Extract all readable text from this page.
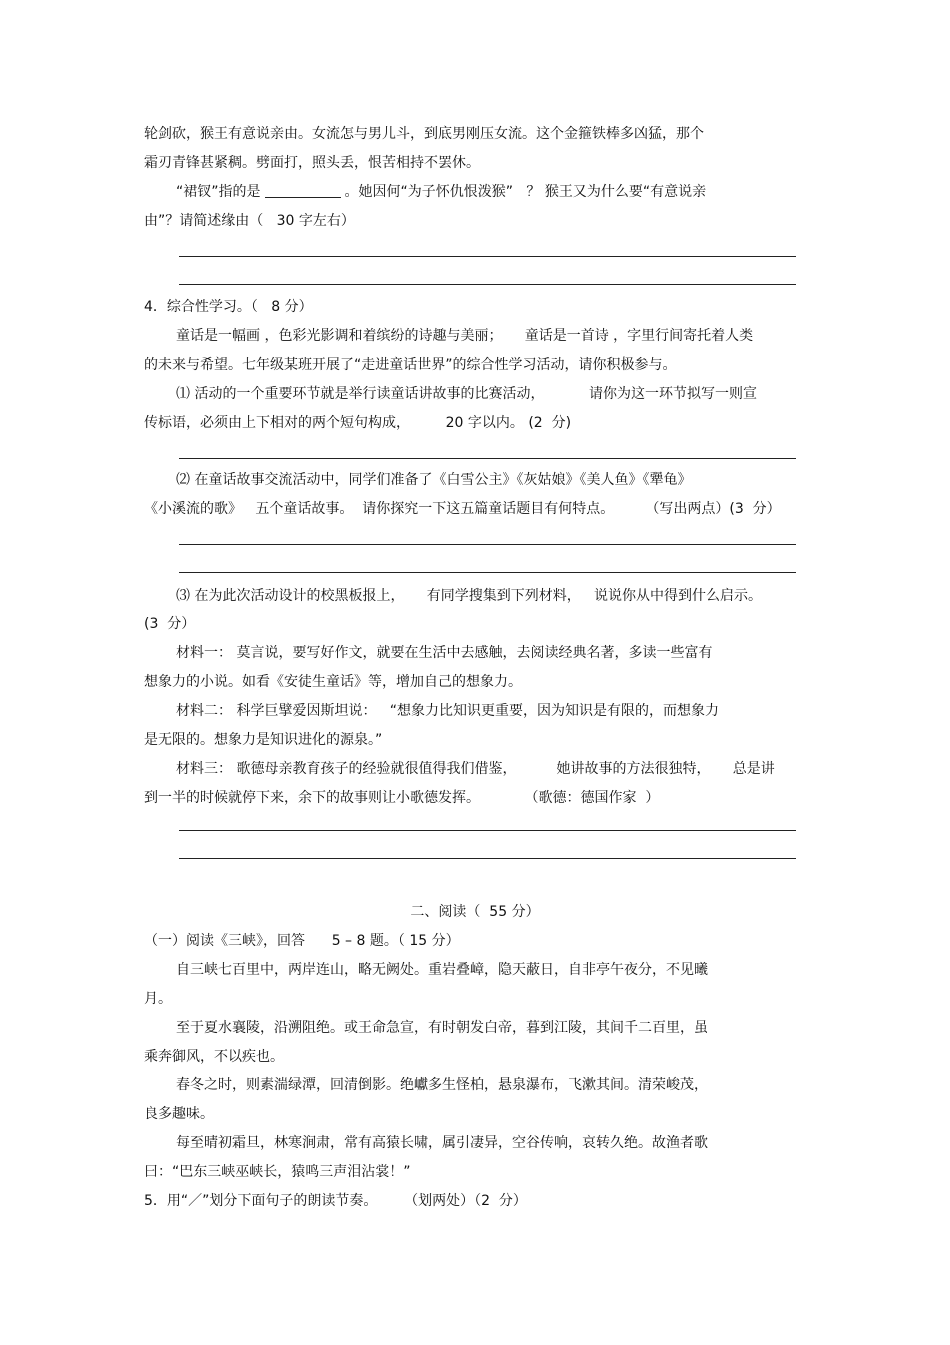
轮剑砍，猴王有意说亲由。女流怎与男儿斗，到底男刚压女流。这个金箍铁棒多凶猛，那个
霜刃青锋甚紧稠。劈面打，照头丢，恨苦相持不罢休。
“裙钗”指的是	。她因何“为子怀仇恨泼猴”   ？ 猴王又为什么要“有意说亲
由”？请简述缘由（   30 字左右）
4．综合性学习。（   8 分）
童话是一幅画 ，色彩光影调和着缤纷的诗趣与美丽；     童话是一首诗 ，字里行间寄托着人类
的未来与希望。七年级某班开展了“走进童话世界”的综合性学习活动，请你积极参与。
⑴ 活动的一个重要环节就是举行读童话讲故事的比赛活动，          请你为这一环节拟写一则宣
传标语，必须由上下相对的两个短句构成，        20 字以内。 (2  分)
⑵ 在童话故事交流活动中，同学们准备了《白雪公主》《灰姑娘》《美人鱼》《犟龟》
《小溪流的歌》   五个童话故事。  请你探究一下这五篇童话题目有何特点。       （写出两点）(3  分）
⑶ 在为此次活动设计的校黑板报上，     有同学搜集到下列材料，   说说你从中得到什么启示。
(3  分）
材料一： 莫言说，要写好作文，就要在生活中去感触，去阅读经典名著，多读一些富有
想象力的小说。如看《安徒生童话》等，增加自己的想象力。
材料二： 科学巨擘爱因斯坦说：   “想象力比知识更重要，因为知识是有限的，而想象力
是无限的。想象力是知识进化的源泉。”
材料三： 歌德母亲教育孩子的经验就很值得我们借鉴，         她讲故事的方法很独特，     总是讲
到一半的时候就停下来，余下的故事则让小歌德发挥。          （歌德：德国作家  ）
二、阅读（  55 分）
（一）阅读《三峡》，回答      5 – 8 题。（ 15 分）
自三峡七百里中，两岸连山，略无阙处。重岩叠嶂，隐天蔽日，自非亭午夜分，不见曦
月。
至于夏水襄陵，沿溯阻绝。或王命急宣，有时朝发白帝，暮到江陵，其间千二百里，虽
乘奔御风，不以疾也。
春冬之时，则素湍绿潭，回清倒影。绝巘多生怪柏，悬泉瀑布，飞漱其间。清荣峻茂，
良多趣味。
每至晴初霜旦，林寒涧肃，常有高猿长啸，属引凄异，空谷传响，哀转久绝。故渔者歌
曰：“巴东三峡巫峡长，猿鸣三声泪沾裳！”
5．用“／”划分下面句子的朗读节奏。      （划两处）（2  分）
